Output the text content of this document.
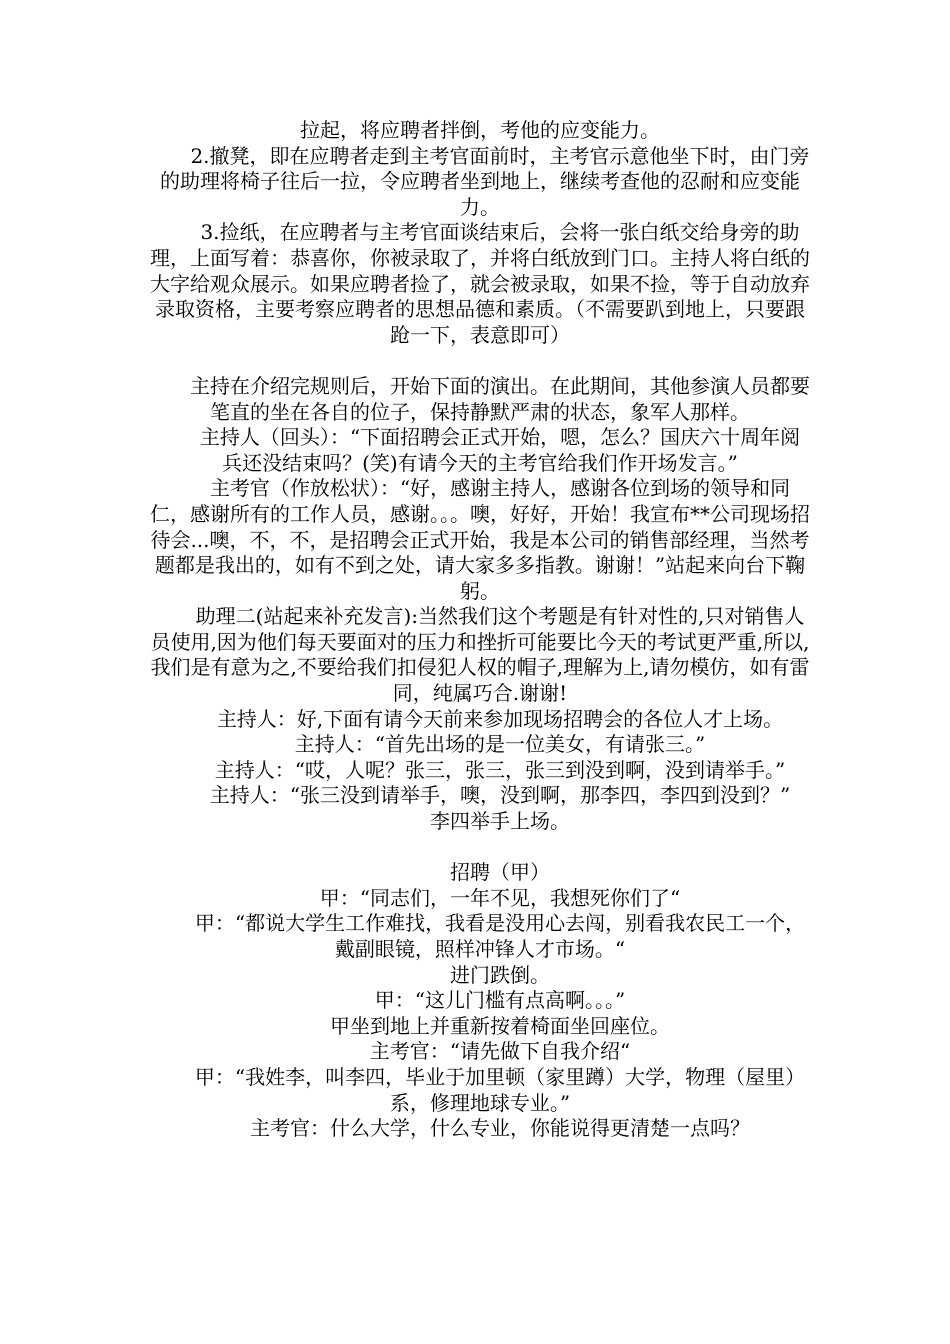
拉起，将应聘者拌倒，考他的应变能力。

2.撤凳，即在应聘者走到主考官面前时，主考官示意他坐下时，由门旁的助理将椅子往后一拉，令应聘者坐到地上，继续考查他的忍耐和应变能力。

3.捡纸，在应聘者与主考官面谈结束后，会将一张白纸交给身旁的助理，上面写着：恭喜你，你被录取了，并将白纸放到门口。主持人将白纸的大字给观众展示。如果应聘者捡了，就会被录取，如果不捡，等于自动放弃录取资格，主要考察应聘者的思想品德和素质。（不需要趴到地上，只要跟跄一下，表意即可）

主持在介绍完规则后，开始下面的演出。在此期间，其他参演人员都要笔直的坐在各自的位子，保持静默严肃的状态，象军人那样。

主持人（回头）：“下面招聘会正式开始，嗯，怎么？国庆六十周年阅兵还没结束吗？(笑)有请今天的主考官给我们作开场发言。”

主考官（作放松状）：“好，感谢主持人，感谢各位到场的领导和同仁，感谢所有的工作人员，感谢。。。噢，好好，开始！我宣布**公司现场招待会...噢，不，不，是招聘会正式开始，我是本公司的销售部经理，当然考题都是我出的，如有不到之处，请大家多多指教。谢谢！”站起来向台下鞠躬。

助理二(站起来补充发言):当然我们这个考题是有针对性的,只对销售人员使用,因为他们每天要面对的压力和挫折可能要比今天的考试更严重,所以,我们是有意为之,不要给我们扣侵犯人权的帽子,理解为上,请勿模仿，如有雷同，纯属巧合.谢谢!

主持人：好,下面有请今天前来参加现场招聘会的各位人才上场。

主持人：“首先出场的是一位美女，有请张三。”

主持人：“哎，人呢？张三，张三，张三到没到啊，没到请举手。”

主持人：“张三没到请举手，噢，没到啊，那李四，李四到没到？”

李四举手上场。

招聘（甲）

甲：“同志们，一年不见，我想死你们了“

甲：“都说大学生工作难找，我看是没用心去闯，别看我农民工一个，戴副眼镜，照样冲锋人才市场。“

进门跌倒。

甲：“这儿门槛有点高啊。。。”

甲坐到地上并重新按着椅面坐回座位。

主考官：“请先做下自我介绍“

甲：“我姓李，叫李四，毕业于加里顿（家里蹲）大学，物理（屋里）系，修理地球专业。”

主考官：什么大学，什么专业，你能说得更清楚一点吗？
